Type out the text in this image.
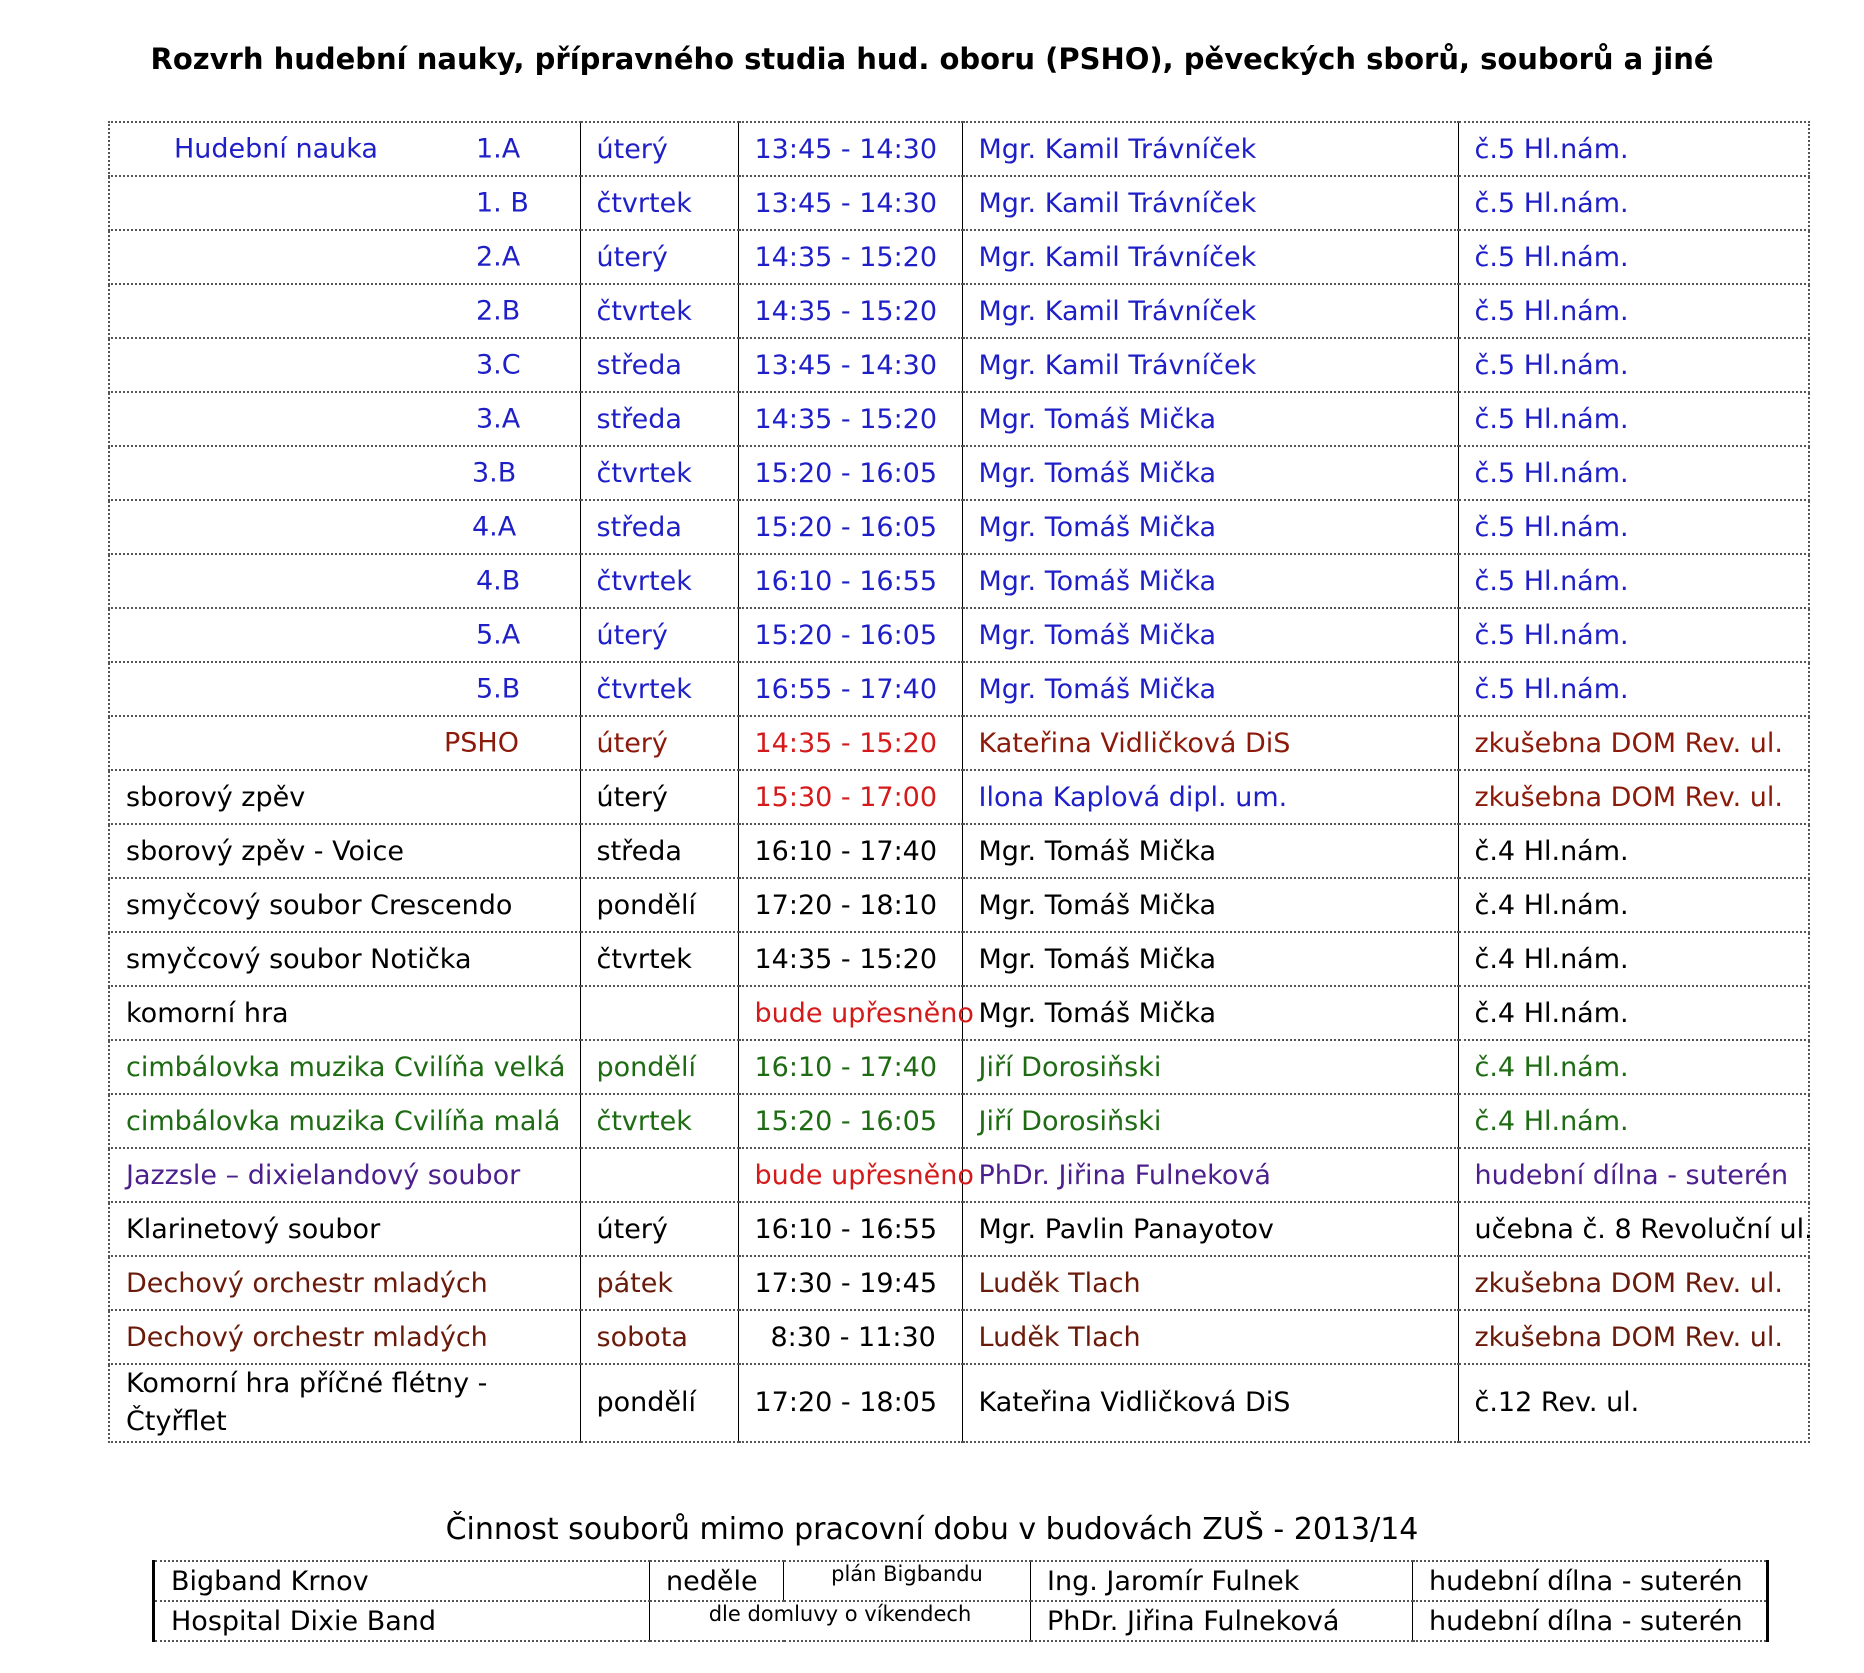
Rozvrh hudební nauky, přípravného studia hud. oboru (PSHO), pěveckých sborů, souborů a jiné
Hudební nauka 1.A	úterý	13:45 - 14:30	Mgr. Kamil Trávníček	č.5 Hl.nám.

1. B	čtvrtek	13:45 - 14:30	Mgr. Kamil Trávníček	č.5 Hl.nám.

2.A	úterý	14:35 - 15:20	Mgr. Kamil Trávníček	č.5 Hl.nám.

2.B	čtvrtek	14:35 - 15:20	Mgr. Kamil Trávníček	č.5 Hl.nám.

3.C	středa	13:45 - 14:30	Mgr. Kamil Trávníček	č.5 Hl.nám.

3.A	středa	14:35 - 15:20	Mgr. Tomáš Mička	č.5 Hl.nám.

3.B	čtvrtek	15:20 - 16:05	Mgr. Tomáš Mička	č.5 Hl.nám.

4.A	středa	15:20 - 16:05	Mgr. Tomáš Mička	č.5 Hl.nám.

4.B	čtvrtek	16:10 - 16:55	Mgr. Tomáš Mička	č.5 Hl.nám.

5.A	úterý	15:20 - 16:05	Mgr. Tomáš Mička	č.5 Hl.nám.

5.B	čtvrtek	16:55 - 17:40	Mgr. Tomáš Mička	č.5 Hl.nám.

PSHO	úterý	14:35 - 15:20	Kateřina Vidličková DiS	zkušebna DOM Rev. ul.
sborový zpěv	úterý	15:30 - 17:00	Ilona Kaplová dipl. um.	zkušebna DOM Rev. ul.
sborový zpěv - Voice	středa	16:10 - 17:40	Mgr. Tomáš Mička	č.4 Hl.nám.
smyčcový soubor Crescendo	pondělí	17:20 - 18:10	Mgr. Tomáš Mička	č.4 Hl.nám.
smyčcový soubor Notička	čtvrtek	14:35 - 15:20	Mgr. Tomáš Mička	č.4 Hl.nám.
komorní hra		bude upřesněno	Mgr. Tomáš Mička	č.4 Hl.nám.
cimbálovka muzika Cvilíňa velká	pondělí	16:10 - 17:40	Jiří Dorosiňski	č.4 Hl.nám.
cimbálovka muzika Cvilíňa malá	čtvrtek	15:20 - 16:05	Jiří Dorosiňski	č.4 Hl.nám.
Jazzsle – dixielandový soubor		bude upřesněno	PhDr. Jiřina Fulneková	hudební dílna - suterén
Klarinetový soubor	úterý	16:10 - 16:55	Mgr. Pavlin Panayotov	učebna č. 8 Revoluční ul.
Dechový orchestr mladých	pátek	17:30 - 19:45	Luděk Tlach	zkušebna DOM Rev. ul.
Dechový orchestr mladých	sobota	8:30 - 11:30	Luděk Tlach	zkušebna DOM Rev. ul.
Komorní hra příčné flétny - Čtyřflet	pondělí	17:20 - 18:05	Kateřina Vidličková DiS	č.12 Rev. ul.
Činnost souborů mimo pracovní dobu v budovách ZUŠ - 2013/14
Bigband Krnov	neděle	plán Bigbandu	Ing. Jaromír Fulnek	hudební dílna - suterén
Hospital Dixie Band	dle domluvy o víkendech		PhDr. Jiřina Fulneková	hudební dílna - suterén
